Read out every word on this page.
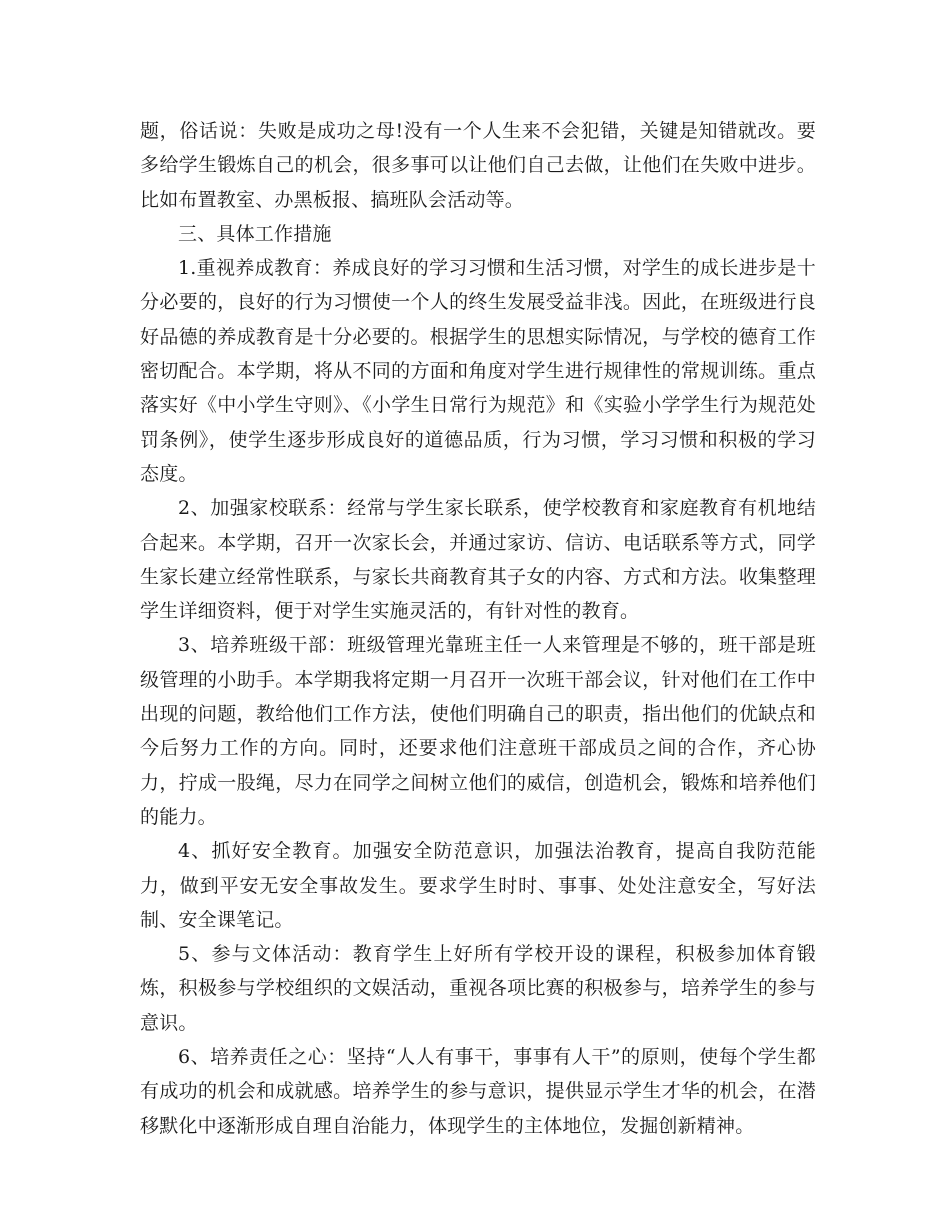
题，俗话说：失败是成功之母!没有一个人生来不会犯错，关键是知错就改。要多给学生锻炼自己的机会，很多事可以让他们自己去做，让他们在失败中进步。比如布置教室、办黑板报、搞班队会活动等。

三、具体工作措施

1.重视养成教育：养成良好的学习习惯和生活习惯，对学生的成长进步是十分必要的，良好的行为习惯使一个人的终生发展受益非浅。因此，在班级进行良好品德的养成教育是十分必要的。根据学生的思想实际情况，与学校的德育工作密切配合。本学期，将从不同的方面和角度对学生进行规律性的常规训练。重点落实好《中小学生守则》、《小学生日常行为规范》和《实验小学学生行为规范处罚条例》，使学生逐步形成良好的道德品质，行为习惯，学习习惯和积极的学习态度。

2、加强家校联系：经常与学生家长联系，使学校教育和家庭教育有机地结合起来。本学期，召开一次家长会，并通过家访、信访、电话联系等方式，同学生家长建立经常性联系，与家长共商教育其子女的内容、方式和方法。收集整理学生详细资料，便于对学生实施灵活的，有针对性的教育。

3、培养班级干部：班级管理光靠班主任一人来管理是不够的，班干部是班级管理的小助手。本学期我将定期一月召开一次班干部会议，针对他们在工作中出现的问题，教给他们工作方法，使他们明确自己的职责，指出他们的优缺点和今后努力工作的方向。同时，还要求他们注意班干部成员之间的合作，齐心协力，拧成一股绳，尽力在同学之间树立他们的威信，创造机会，锻炼和培养他们的能力。

4、抓好安全教育。加强安全防范意识，加强法治教育，提高自我防范能力，做到平安无安全事故发生。要求学生时时、事事、处处注意安全，写好法制、安全课笔记。

5、参与文体活动：教育学生上好所有学校开设的课程，积极参加体育锻炼，积极参与学校组织的文娱活动，重视各项比赛的积极参与，培养学生的参与意识。

6、培养责任之心：坚持“人人有事干，事事有人干”的原则，使每个学生都有成功的机会和成就感。培养学生的参与意识，提供显示学生才华的机会，在潜移默化中逐渐形成自理自治能力，体现学生的主体地位，发掘创新精神。
